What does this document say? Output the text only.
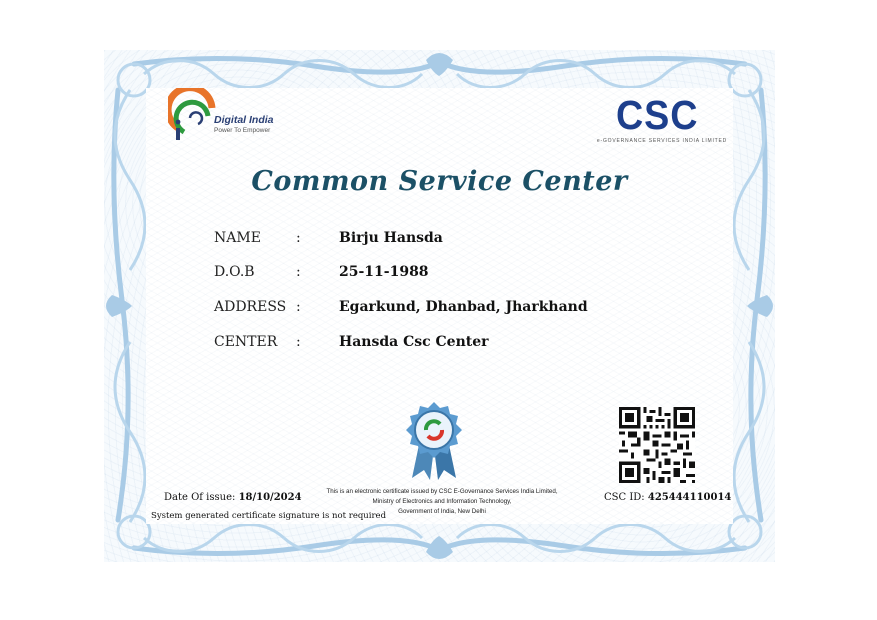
Digital India
Power To Empower	CSC
e-GOVERNANCE SERVICES INDIA LIMITED
Common Service Center
NAME	:	Birju Hansda
D.O.B	:	25-11-1988
ADDRESS :	Egarkund, Dhanbad, Jharkhand
CENTER :	Hansda Csc Center
Date Of issue: 18/10/2024
System generated certificate signature is not required
This is an electronic certificate issued by CSC E-Governance Services India Limited,
Ministry of Electronics and Information Technology,
Government of India, New Delhi
CSC ID: 425444110014
